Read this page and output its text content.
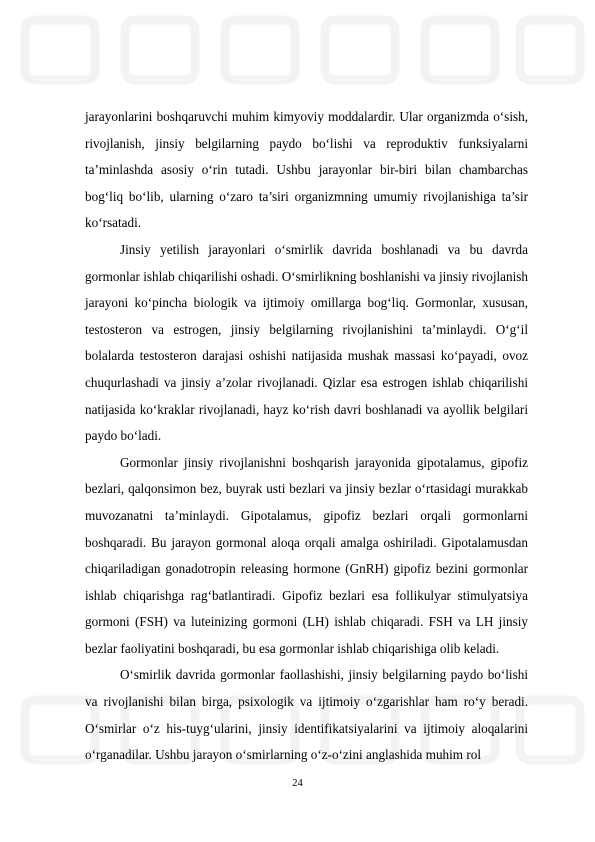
jarayonlarini boshqaruvchi muhim kimyoviy moddalardir. Ular organizmda o‘sish, rivojlanish, jinsiy belgilarning paydo bo‘lishi va reproduktiv funksiyalarni ta’minlashda asosiy o‘rin tutadi. Ushbu jarayonlar bir-biri bilan chambarchas bog‘liq bo‘lib, ularning o‘zaro ta’siri organizmning umumiy rivojlanishiga ta’sir ko‘rsatadi.

Jinsiy yetilish jarayonlari o‘smirlik davrida boshlanadi va bu davrda gormonlar ishlab chiqarilishi oshadi. O‘smirlikning boshlanishi va jinsiy rivojlanish jarayoni ko‘pincha biologik va ijtimoiy omillarga bog‘liq. Gormonlar, xususan, testosteron va estrogen, jinsiy belgilarning rivojlanishini ta’minlaydi. O‘g‘il bolalarda testosteron darajasi oshishi natijasida mushak massasi ko‘payadi, ovoz chuqurlashadi va jinsiy a’zolar rivojlanadi. Qizlar esa estrogen ishlab chiqarilishi natijasida ko‘kraklar rivojlanadi, hayz ko‘rish davri boshlanadi va ayollik belgilari paydo bo‘ladi.

Gormonlar jinsiy rivojlanishni boshqarish jarayonida gipotalamus, gipofiz bezlari, qalqonsimon bez, buyrak usti bezlari va jinsiy bezlar o‘rtasidagi murakkab muvozanatni ta’minlaydi. Gipotalamus, gipofiz bezlari orqali gormonlarni boshqaradi. Bu jarayon gormonal aloqa orqali amalga oshiriladi. Gipotalamusdan chiqariladigan gonadotropin releasing hormone (GnRH) gipofiz bezini gormonlar ishlab chiqarishga rag‘batlantiradi. Gipofiz bezlari esa follikulyar stimulyatsiya gormoni (FSH) va luteinizing gormoni (LH) ishlab chiqaradi. FSH va LH jinsiy bezlar faoliyatini boshqaradi, bu esa gormonlar ishlab chiqarishiga olib keladi.

O‘smirlik davrida gormonlar faollashishi, jinsiy belgilarning paydo bo‘lishi va rivojlanishi bilan birga, psixologik va ijtimoiy o‘zgarishlar ham ro‘y beradi. O‘smirlar o‘z his-tuyg‘ularini, jinsiy identifikatsiyalarini va ijtimoiy aloqalarini o‘rganadilar. Ushbu jarayon o‘smirlarning o‘z-o‘zini anglashida muhim rol

24
